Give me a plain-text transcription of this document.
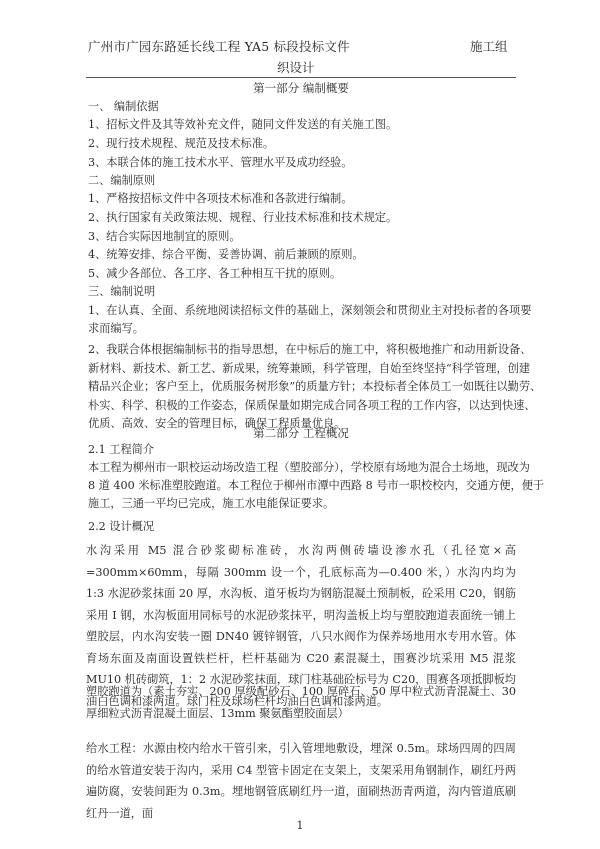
广州市广园东路延长线工程 YA5 标段投标文件	施工组
织设计
第一部分 编制概要
一、 编制依据
1、招标文件及其等效补充文件，随同文件发送的有关施工图。
2、现行技术规程、规范及技术标准。
3、本联合体的施工技术水平、管理水平及成功经验。
二、编制原则
1、严格按招标文件中各项技术标准和各款进行编制。
2、执行国家有关政策法规、规程、行业技术标准和技术规定。
3、结合实际因地制宜的原则。
4、统筹安排、综合平衡、妥善协调、前后兼顾的原则。
5、减少各部位、各工序、各工种相互干扰的原则。
三、编制说明
1、在认真、全面、系统地阅读招标文件的基础上，深刻领会和贯彻业主对投标者的各项要
求而编写。
2、我联合体根据编制标书的指导思想，在中标后的施工中，将积极地推广和动用新设备、
新材料、新技术、新工艺、新成果，统筹兼顾，科学管理，自始至终坚持“科学管理，创建
精品兴企业；客户至上，优质服务树形象”的质量方针；本投标者全体员工一如既往以勤劳、
朴实、科学、积极的工作姿态，保质保量如期完成合同各项工程的工作内容，以达到快速、
优质、高效、安全的管理目标，确保工程质量优良。
第二部分 工程概况
2.1 工程简介
本工程为柳州市一职校运动场改造工程（塑胶部分），学校原有场地为混合土场地，现改为
8 道 400 米标准塑胶跑道。本工程位于柳州市潭中西路 8 号市一职校校内，交通方便，便于
施工，三通一平均已完成，施工水电能保证要求。
2.2 设计概况
水沟采用 M5 混合砂浆砌标准砖，水沟两侧砖墙设渗水孔（孔径宽×高=300mm×60mm，每隔 300mm 设一个，孔底标高为—0.400 米，）水沟内均为 1:3 水泥砂浆抹面 20 厚，水沟板、道牙板均为钢筋混凝土预制板，砼采用 C20，钢筋采用 I 钢，水沟板面用同标号的水泥砂浆抹平，明沟盖板上均与塑胶跑道表面统一铺上塑胶层，内水沟安装一圈 DN40 镀锌钢管，八只水阀作为保养场地用水专用水管。体育场东面及南面设置铁栏杆，栏杆基础为 C20 素混凝土，围赛沙坑采用 M5 混浆 MU10 机砖砌筑，1：2 水泥砂浆抹面，球门柱基础砼标号为 C20，围赛各项抵脚板均油白色调和漆两道。球门柱及球场栏杆均油白色调和漆两道。
塑胶跑道为（素土夯实、200 厚级配砂石、100 厚碎石、50 厚中粒式沥青混凝土、30 厚细粒式沥青混凝土面层、13mm 聚氨酯塑胶面层）
给水工程：水源由校内给水干管引来，引入管埋地敷设，埋深 0.5m。球场四周的四周的给水管道安装于沟内，采用 C4 型管卡固定在支架上，支架采用角钢制作，刷红丹两遍防腐，安装间距为 0.3m。埋地钢管底刷红丹一道，面刷热沥青两道，沟内管道底刷红丹一道，面
1
